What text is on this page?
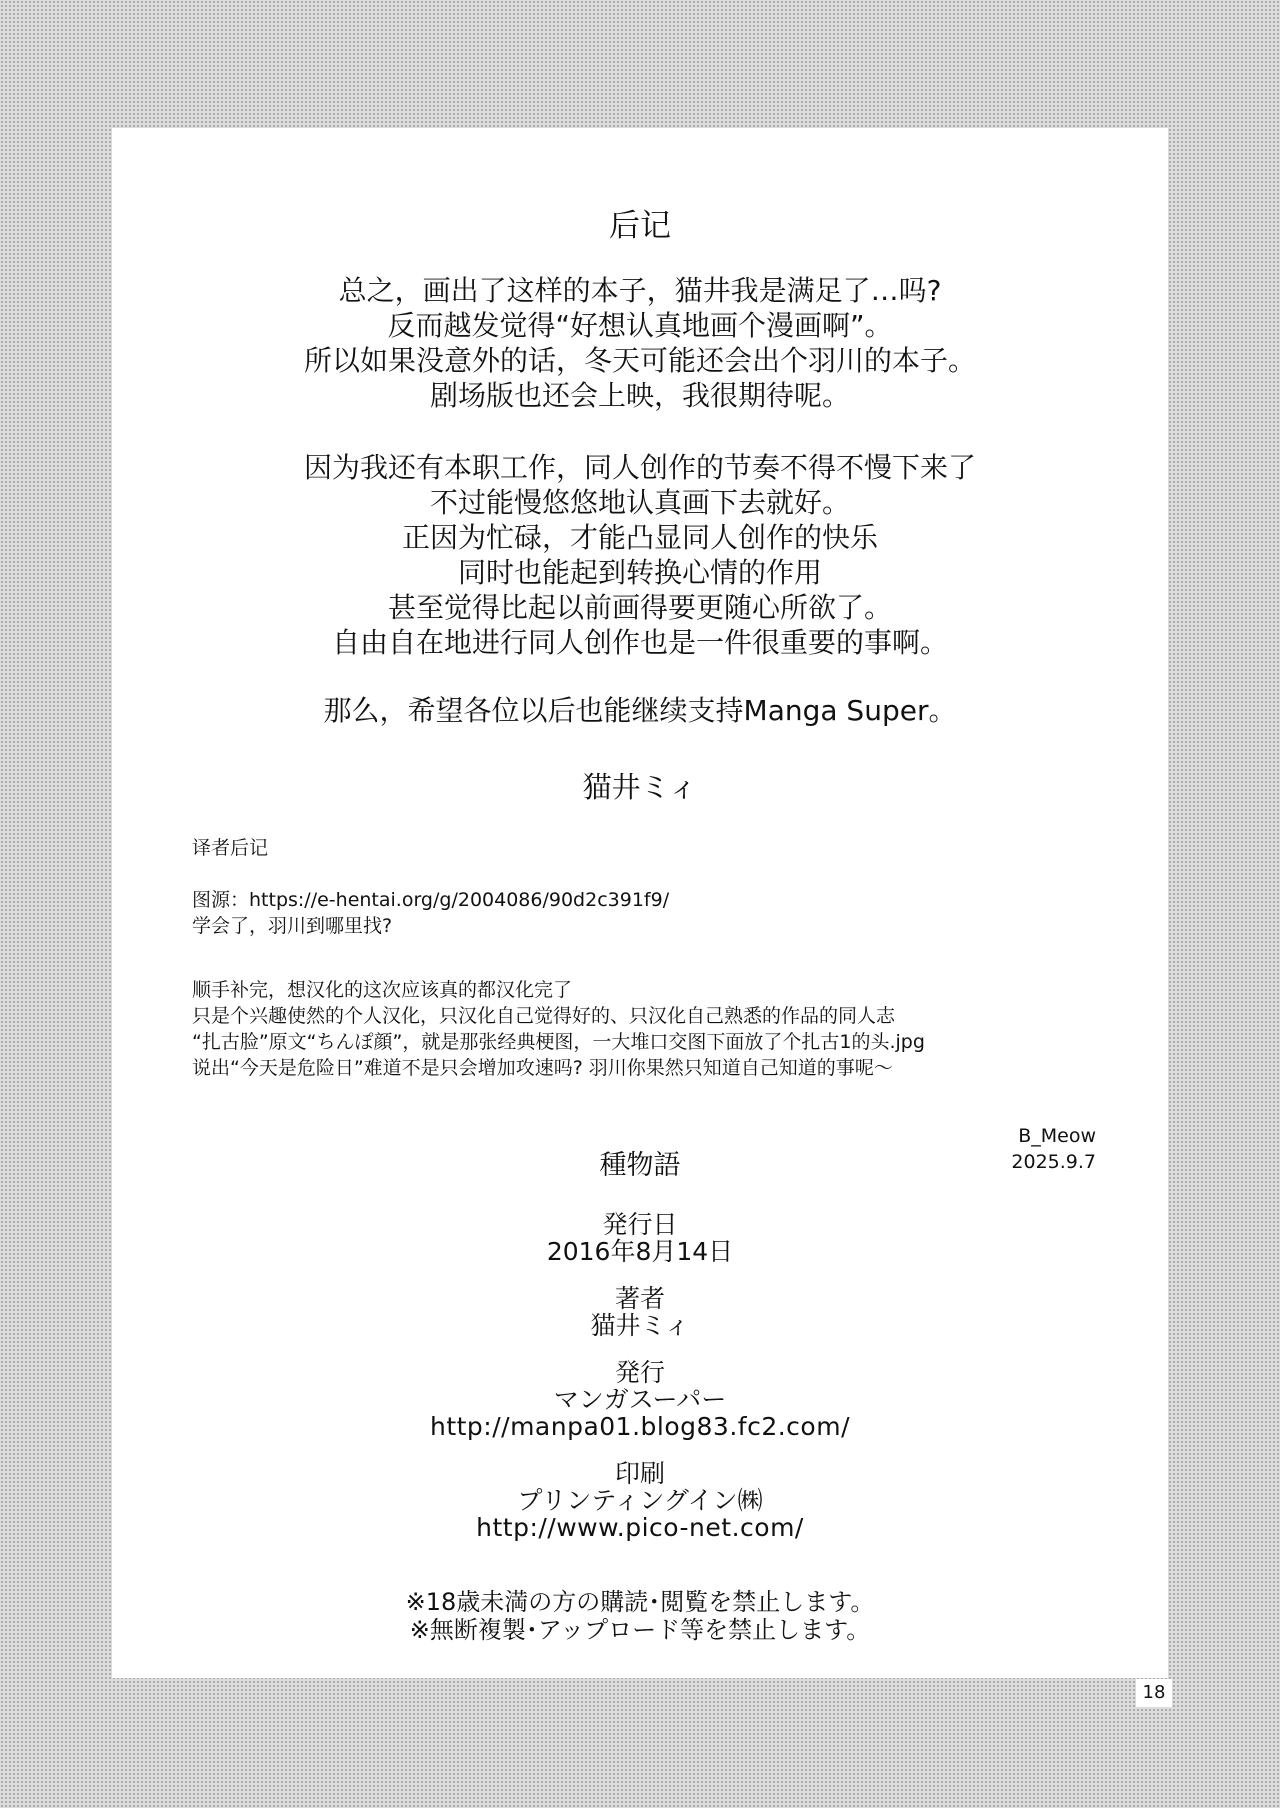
后记
总之，画出了这样的本子，猫井我是满足了…吗?
反而越发觉得“好想认真地画个漫画啊”。
所以如果没意外的话，冬天可能还会出个羽川的本子。
剧场版也还会上映，我很期待呢。
因为我还有本职工作，同人创作的节奏不得不慢下来了
不过能慢悠悠地认真画下去就好。
正因为忙碌，才能凸显同人创作的快乐
同时也能起到转换心情的作用
甚至觉得比起以前画得要更随心所欲了。
自由自在地进行同人创作也是一件很重要的事啊。
那么，希望各位以后也能继续支持Manga Super。
猫井ミィ
译者后记
图源：https://e-hentai.org/g/2004086/90d2c391f9/
学会了，羽川到哪里找?
顺手补完，想汉化的这次应该真的都汉化完了
只是个兴趣使然的个人汉化，只汉化自己觉得好的、只汉化自己熟悉的作品的同人志
“扎古脸”原文“ちんぽ顔”，就是那张经典梗图，一大堆口交图下面放了个扎古1的头.jpg
说出“今天是危险日”难道不是只会增加攻速吗? 羽川你果然只知道自己知道的事呢～
B_Meow
2025.9.7
種物語
発行日
2016年8月14日
著者
猫井ミィ
発行
マンガスーパー
http://manpa01.blog83.fc2.com/
印刷
プリンティングイン㈱
http://www.pico-net.com/
※18歳未満の方の購読･閲覧を禁止します。
※無断複製･アップロード等を禁止します。
18
